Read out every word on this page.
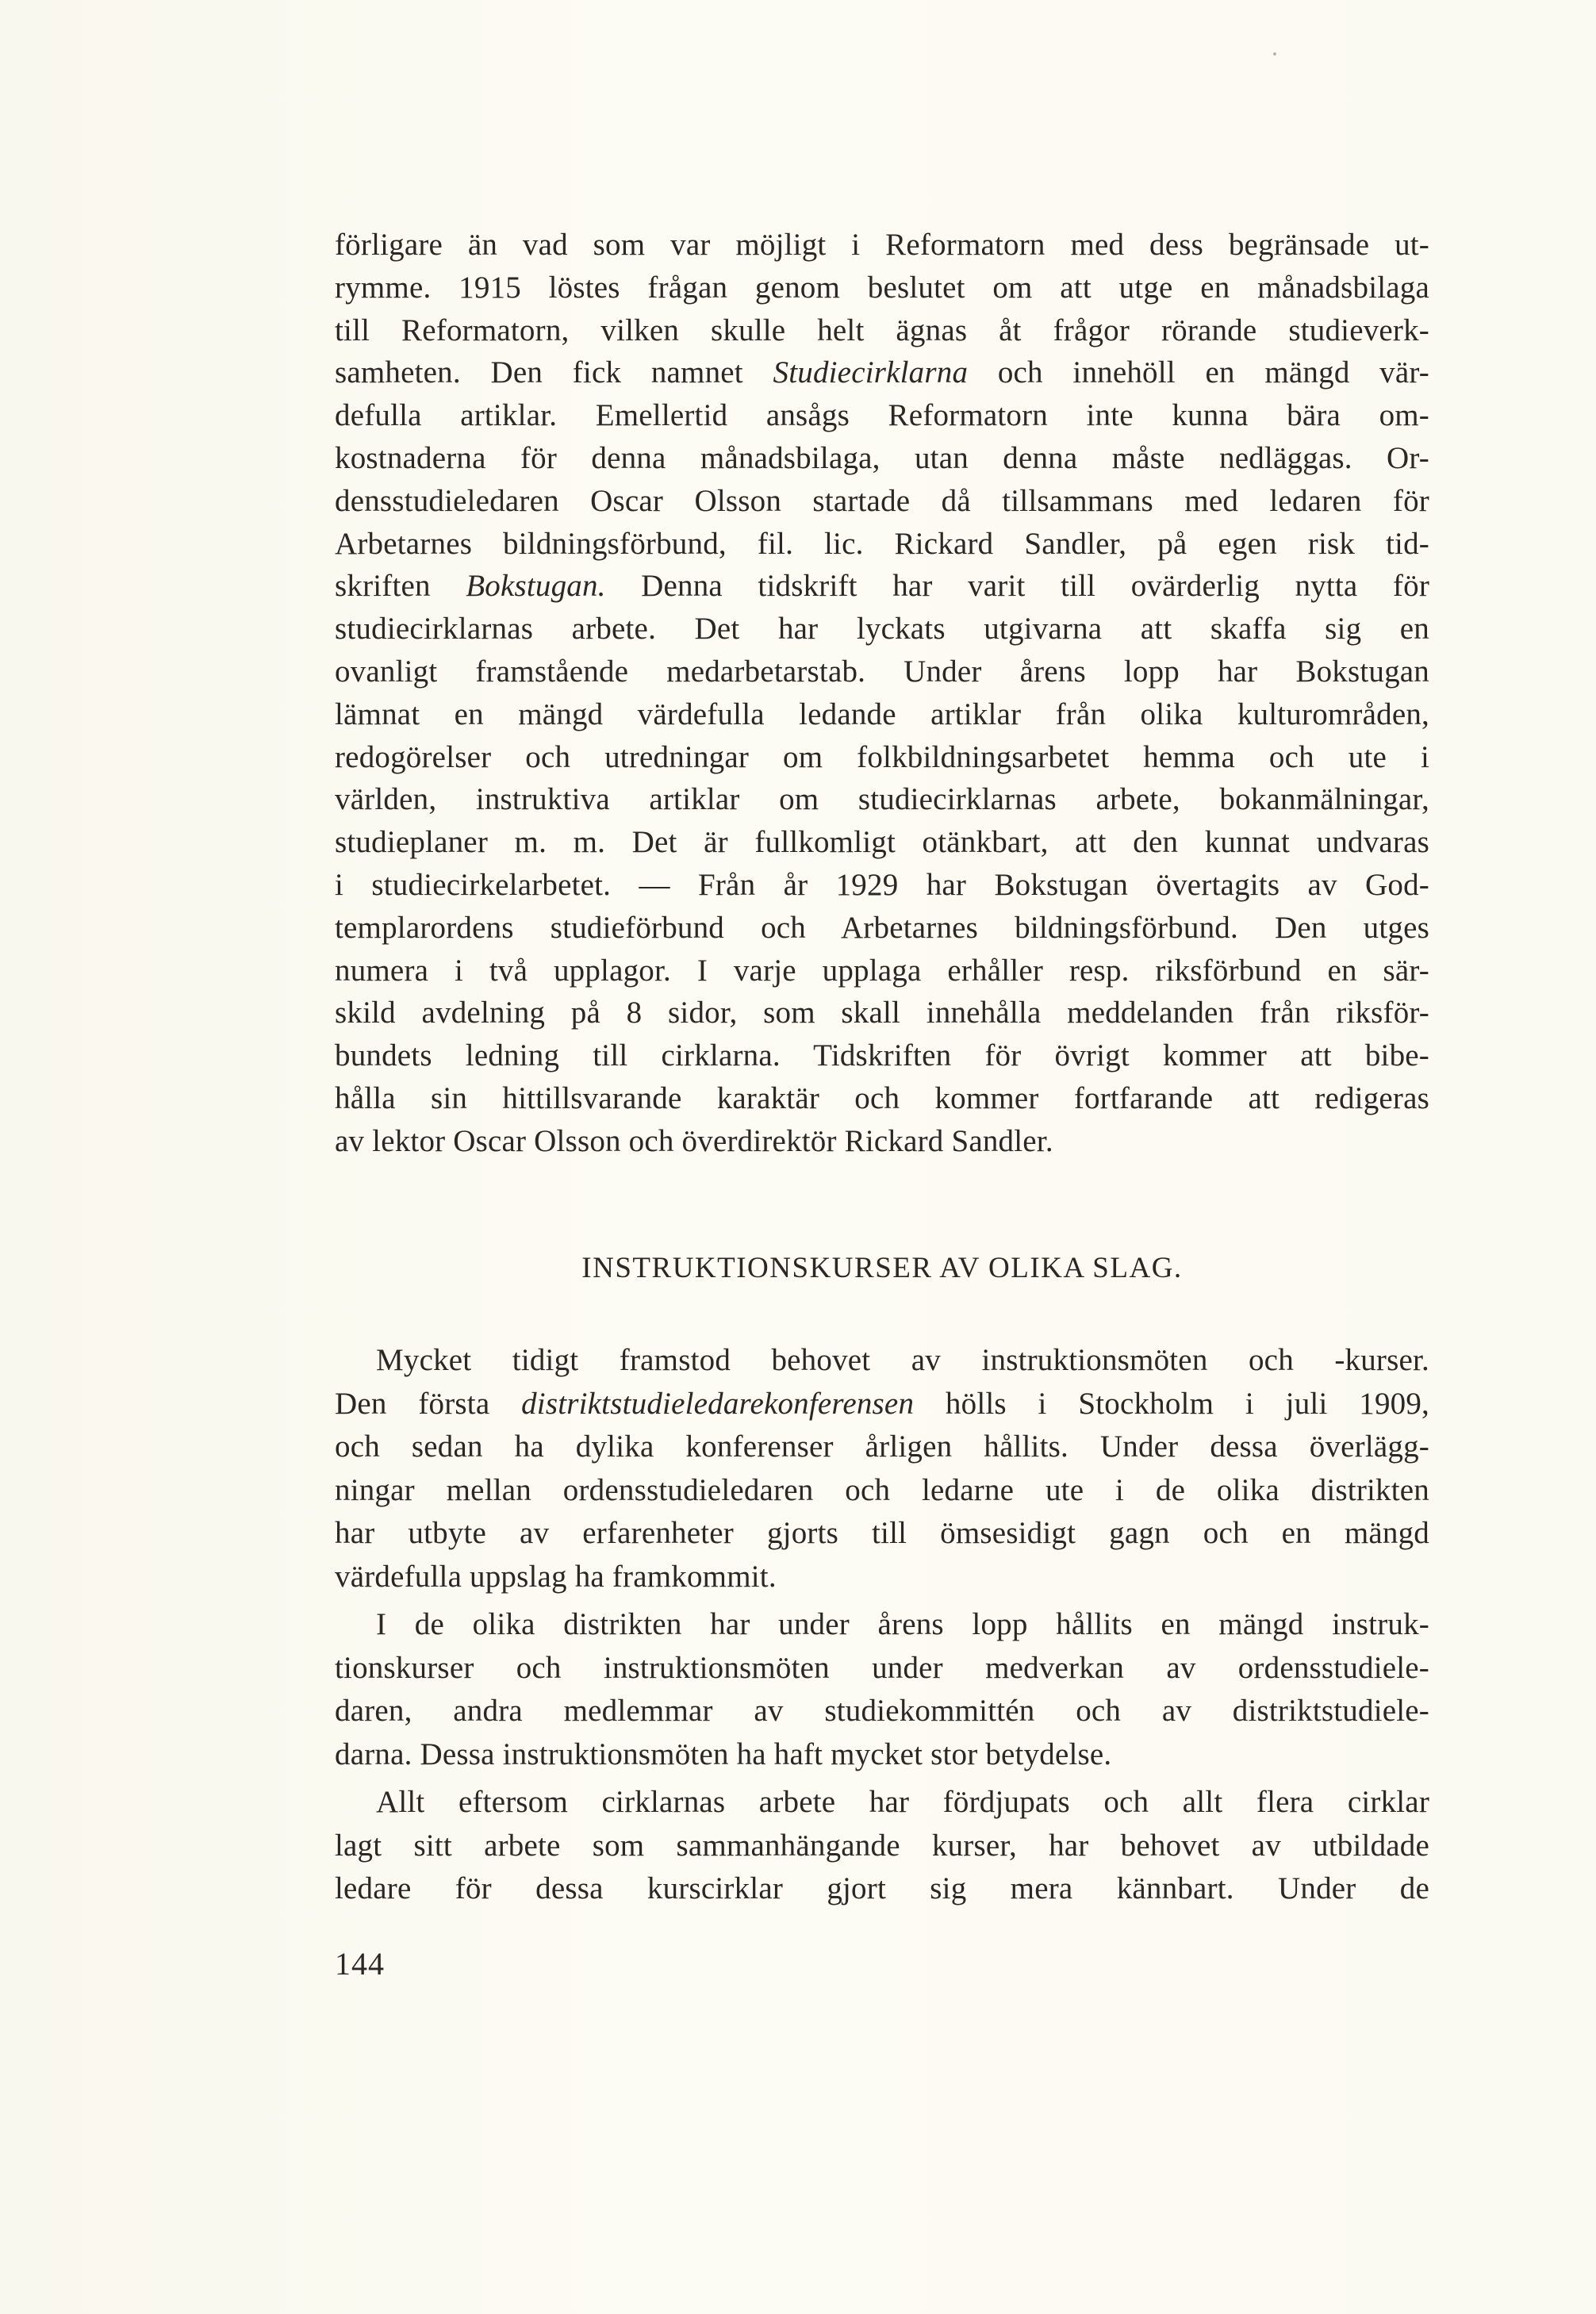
förligare än vad som var möjligt i Reformatorn med dess begränsade ut-
rymme. 1915 löstes frågan genom beslutet om att utge en månadsbilaga
till Reformatorn, vilken skulle helt ägnas åt frågor rörande studieverk-
samheten. Den fick namnet Studiecirklarna och innehöll en mängd vär-
defulla artiklar. Emellertid ansågs Reformatorn inte kunna bära om-
kostnaderna för denna månadsbilaga, utan denna måste nedläggas. Or-
densstudieledaren Oscar Olsson startade då tillsammans med ledaren för
Arbetarnes bildningsförbund, fil. lic. Rickard Sandler, på egen risk tid-
skriften Bokstugan. Denna tidskrift har varit till ovärderlig nytta för
studiecirklarnas arbete. Det har lyckats utgivarna att skaffa sig en
ovanligt framstående medarbetarstab. Under årens lopp har Bokstugan
lämnat en mängd värdefulla ledande artiklar från olika kulturområden,
redogörelser och utredningar om folkbildningsarbetet hemma och ute i
världen, instruktiva artiklar om studiecirklarnas arbete, bokanmälningar,
studieplaner m. m. Det är fullkomligt otänkbart, att den kunnat undvaras
i studiecirkelarbetet. — Från år 1929 har Bokstugan övertagits av God-
templarordens studieförbund och Arbetarnes bildningsförbund. Den utges
numera i två upplagor. I varje upplaga erhåller resp. riksförbund en sär-
skild avdelning på 8 sidor, som skall innehålla meddelanden från riksför-
bundets ledning till cirklarna. Tidskriften för övrigt kommer att bibe-
hålla sin hittillsvarande karaktär och kommer fortfarande att redigeras
av lektor Oscar Olsson och överdirektör Rickard Sandler.
INSTRUKTIONSKURSER AV OLIKA SLAG.
Mycket tidigt framstod behovet av instruktionsmöten och -kurser.
Den första distriktstudieledarekonferensen hölls i Stockholm i juli 1909,
och sedan ha dylika konferenser årligen hållits. Under dessa överlägg-
ningar mellan ordensstudieledaren och ledarne ute i de olika distrikten
har utbyte av erfarenheter gjorts till ömsesidigt gagn och en mängd
värdefulla uppslag ha framkommit.
I de olika distrikten har under årens lopp hållits en mängd instruk-
tionskurser och instruktionsmöten under medverkan av ordensstudiele-
daren, andra medlemmar av studiekommittén och av distriktstudiele-
darna. Dessa instruktionsmöten ha haft mycket stor betydelse.
Allt eftersom cirklarnas arbete har fördjupats och allt flera cirklar
lagt sitt arbete som sammanhängande kurser, har behovet av utbildade
ledare för dessa kurscirklar gjort sig mera kännbart. Under de
144
